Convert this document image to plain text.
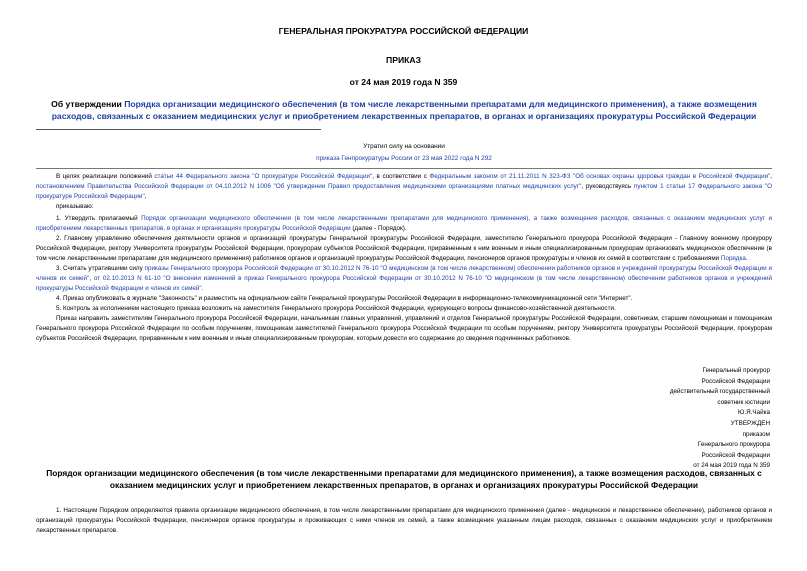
ГЕНЕРАЛЬНАЯ ПРОКУРАТУРА РОССИЙСКОЙ ФЕДЕРАЦИИ
ПРИКАЗ
от 24 мая 2019 года N 359
Об утверждении Порядка организации медицинского обеспечения (в том числе лекарственными препаратами для медицинского применения), а также возмещения расходов, связанных с оказанием медицинских услуг и приобретением лекарственных препаратов, в органах и организациях прокуратуры Российской Федерации
Утратил силу на основании
приказа Генпрокуратуры России от 23 мая 2022 года N 292

В целях реализации положений статьи 44 Федерального закона "О прокуратуре Российской Федерации", в соответствии с Федеральным законом от 21.11.2011 N 323-ФЗ "Об основах охраны здоровья граждан в Российской Федерации", постановлением Правительства Российской Федерации от 04.10.2012 N 1006 "Об утверждении Правил предоставления медицинскими организациями платных медицинских услуг", руководствуясь пунктом 1 статьи 17 Федерального закона "О прокуратуре Российской Федерации",

приказываю:

1. Утвердить прилагаемый Порядок организации медицинского обеспечения (в том числе лекарственными препаратами для медицинского применения), а также возмещения расходов, связанных с оказанием медицинских услуг и приобретением лекарственных препаратов, в органах и организациях прокуратуры Российской Федерации (далее - Порядок).

2. Главному управлению обеспечения деятельности органов и организаций прокуратуры Генеральной прокуратуры Российской Федерации, заместителю Генерального прокурора Российской Федерации - Главному военному прокурору Российской Федерации, ректору Университета прокуратуры Российской Федерации, прокурорам субъектов Российской Федерации, приравненным к ним военным и иным специализированным прокурорам организовать медицинское обеспечение (в том числе лекарственными препаратами для медицинского применения) работников органов и организаций прокуратуры Российской Федерации, пенсионеров органов прокуратуры и членов их семей в соответствии с требованиями Порядка.

3. Считать утратившими силу приказы Генерального прокурора Российской Федерации от 30.10.2012 N 76-10 "О медицинском (в том числе лекарственном) обеспечении работников органов и учреждений прокуратуры Российской Федерации и членов их семей", от 02.10.2013 N 61-10 "О внесении изменений в приказ Генерального прокурора Российской Федерации от 30.10.2012 N 76-10 "О медицинском (в том числе лекарственном) обеспечении работников органов и учреждений прокуратуры Российской Федерации и членов их семей".

4. Приказ опубликовать в журнале "Законность" и разместить на официальном сайте Генеральной прокуратуры Российской Федерации в информационно-телекоммуникационной сети "Интернет".

5. Контроль за исполнением настоящего приказа возложить на заместителя Генерального прокурора Российской Федерации, курирующего вопросы финансово-хозяйственной деятельности.

Приказ направить заместителям Генерального прокурора Российской Федерации, начальникам главных управлений, управлений и отделов Генеральной прокуратуры Российской Федерации, советникам, старшим помощникам и помощникам Генерального прокурора Российской Федерации по особым поручениям, помощникам заместителей Генерального прокурора Российской Федерации по особым поручениям, ректору Университета прокуратуры Российской Федерации, прокурорам субъектов Российской Федерации, приравненным к ним военным и иным специализированным прокурорам, которым довести его содержание до сведения подчиненных работников.

Генеральный прокурор
Российской Федерации
действительный государственный
советник юстиции
Ю.Я.Чайка
УТВЕРЖДЕН
приказом
Генерального прокурора
Российской Федерации
от 24 мая 2019 года N 359
Порядок организации медицинского обеспечения (в том числе лекарственными препаратами для медицинского применения), а также возмещения расходов, связанных с оказанием медицинских услуг и приобретением лекарственных препаратов, в органах и организациях прокуратуры Российской Федерации

1. Настоящим Порядком определяются правила организации медицинского обеспечения, в том числе лекарственными препаратами для медицинского применения (далее - медицинское и лекарственное обеспечение), работников органов и организаций прокуратуры Российской Федерации, пенсионеров органов прокуратуры и проживающих с ними членов их семей, а также возмещения указанным лицам расходов, связанных с оказанием медицинских услуг и приобретением лекарственных препаратов.
